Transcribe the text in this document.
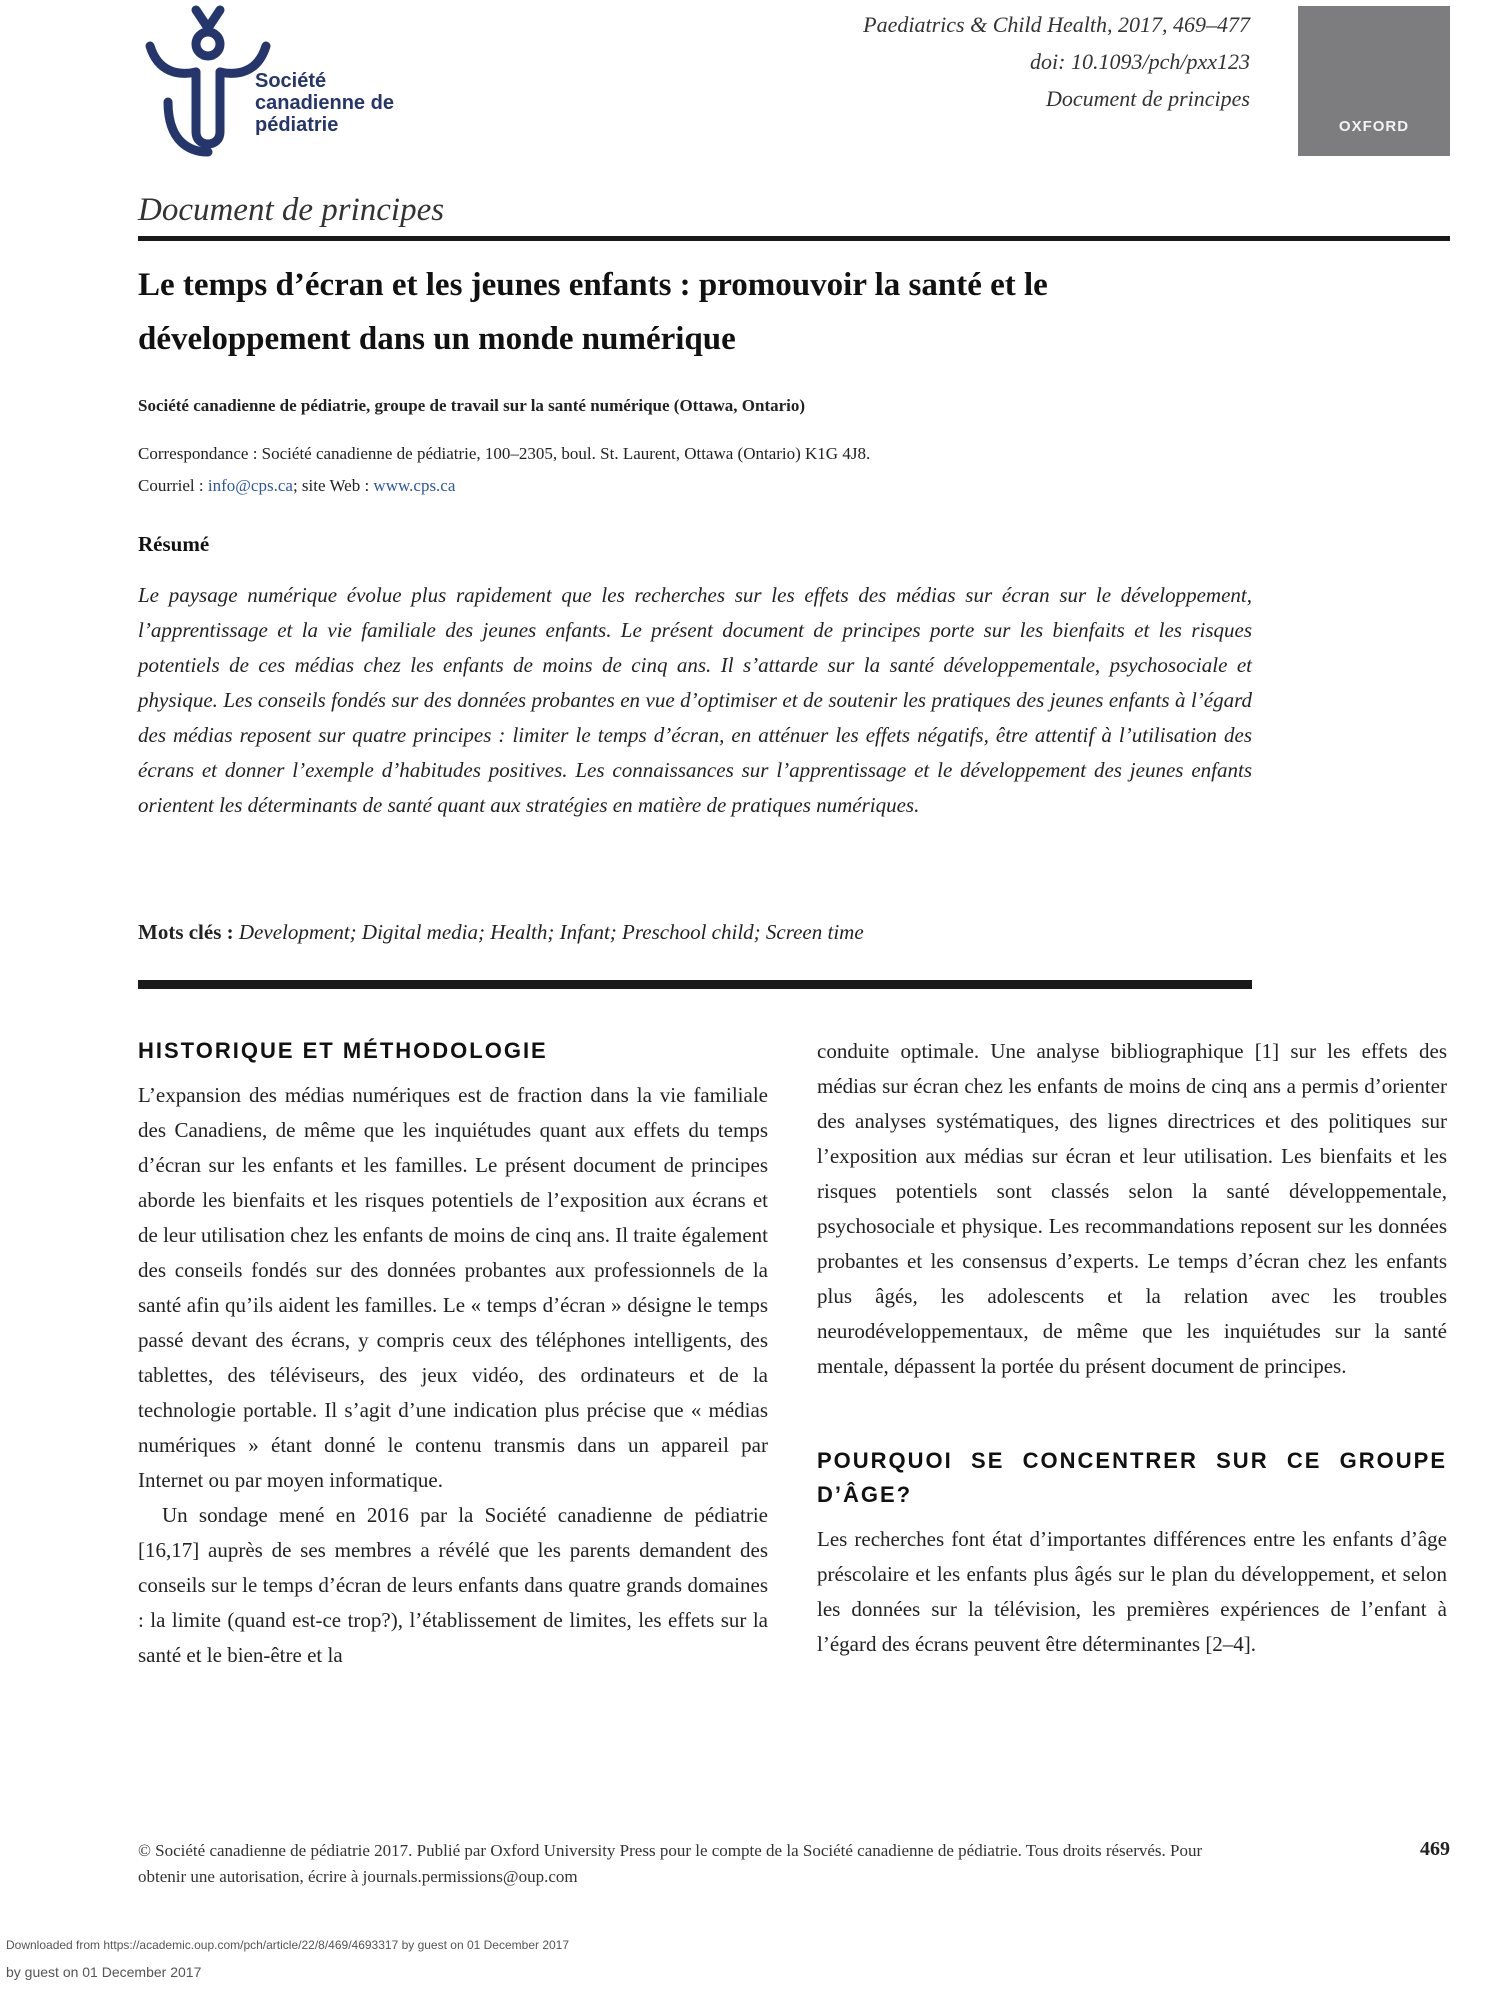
Société canadienne de pédiatrie
Paediatrics & Child Health, 2017, 469–477
doi: 10.1093/pch/pxx123
Document de principes
OXFORD
Document de principes
Le temps d’écran et les jeunes enfants : promouvoir la santé et le développement dans un monde numérique
Société canadienne de pédiatrie, groupe de travail sur la santé numérique (Ottawa, Ontario)
Correspondance : Société canadienne de pédiatrie, 100–2305, boul. St. Laurent, Ottawa (Ontario) K1G 4J8.
Courriel : info@cps.ca; site Web : www.cps.ca
Résumé
Le paysage numérique évolue plus rapidement que les recherches sur les effets des médias sur écran sur le développement, l’apprentissage et la vie familiale des jeunes enfants. Le présent document de principes porte sur les bienfaits et les risques potentiels de ces médias chez les enfants de moins de cinq ans. Il s’attarde sur la santé développementale, psychosociale et physique. Les conseils fondés sur des données probantes en vue d’optimiser et de soutenir les pratiques des jeunes enfants à l’égard des médias reposent sur quatre principes : limiter le temps d’écran, en atténuer les effets négatifs, être attentif à l’utilisation des écrans et donner l’exemple d’habitudes positives. Les connaissances sur l’apprentissage et le développement des jeunes enfants orientent les déterminants de santé quant aux stratégies en matière de pratiques numériques.
Mots clés : Development; Digital media; Health; Infant; Preschool child; Screen time
HISTORIQUE ET MÉTHODOLOGIE

L’expansion des médias numériques est de fraction dans la vie familiale des Canadiens, de même que les inquiétudes quant aux effets du temps d’écran sur les enfants et les familles. Le présent document de principes aborde les bienfaits et les risques potentiels de l’exposition aux écrans et de leur utilisation chez les enfants de moins de cinq ans. Il traite également des conseils fondés sur des données probantes aux professionnels de la santé afin qu’ils aident les familles. Le « temps d’écran » désigne le temps passé devant des écrans, y compris ceux des téléphones intelligents, des tablettes, des téléviseurs, des jeux vidéo, des ordinateurs et de la technologie portable. Il s’agit d’une indication plus précise que « médias numériques » étant donné le contenu transmis dans un appareil par Internet ou par moyen informatique.

Un sondage mené en 2016 par la Société canadienne de pédiatrie [16,17] auprès de ses membres a révélé que les parents demandent des conseils sur le temps d’écran de leurs enfants dans quatre grands domaines : la limite (quand est-ce trop?), l’établissement de limites, les effets sur la santé et le bien-être et la

conduite optimale. Une analyse bibliographique [1] sur les effets des médias sur écran chez les enfants de moins de cinq ans a permis d’orienter des analyses systématiques, des lignes directrices et des politiques sur l’exposition aux médias sur écran et leur utilisation. Les bienfaits et les risques potentiels sont classés selon la santé développementale, psychosociale et physique. Les recommandations reposent sur les données probantes et les consensus d’experts. Le temps d’écran chez les enfants plus âgés, les adolescents et la relation avec les troubles neurodéveloppementaux, de même que les inquiétudes sur la santé mentale, dépassent la portée du présent document de principes.

POURQUOI SE CONCENTRER SUR CE GROUPE D’ÂGE?

Les recherches font état d’importantes différences entre les enfants d’âge préscolaire et les enfants plus âgés sur le plan du développement, et selon les données sur la télévision, les premières expériences de l’enfant à l’égard des écrans peuvent être déterminantes [2–4].

© Société canadienne de pédiatrie 2017. Publié par Oxford University Press pour le compte de la Société canadienne de pédiatrie. Tous droits réservés. Pour obtenir une autorisation, écrire à journals.permissions@oup.com
469
Downloaded from https://academic.oup.com/pch/article/22/8/469/4693317 by guest on 01 December 2017
by guest on 01 December 2017
